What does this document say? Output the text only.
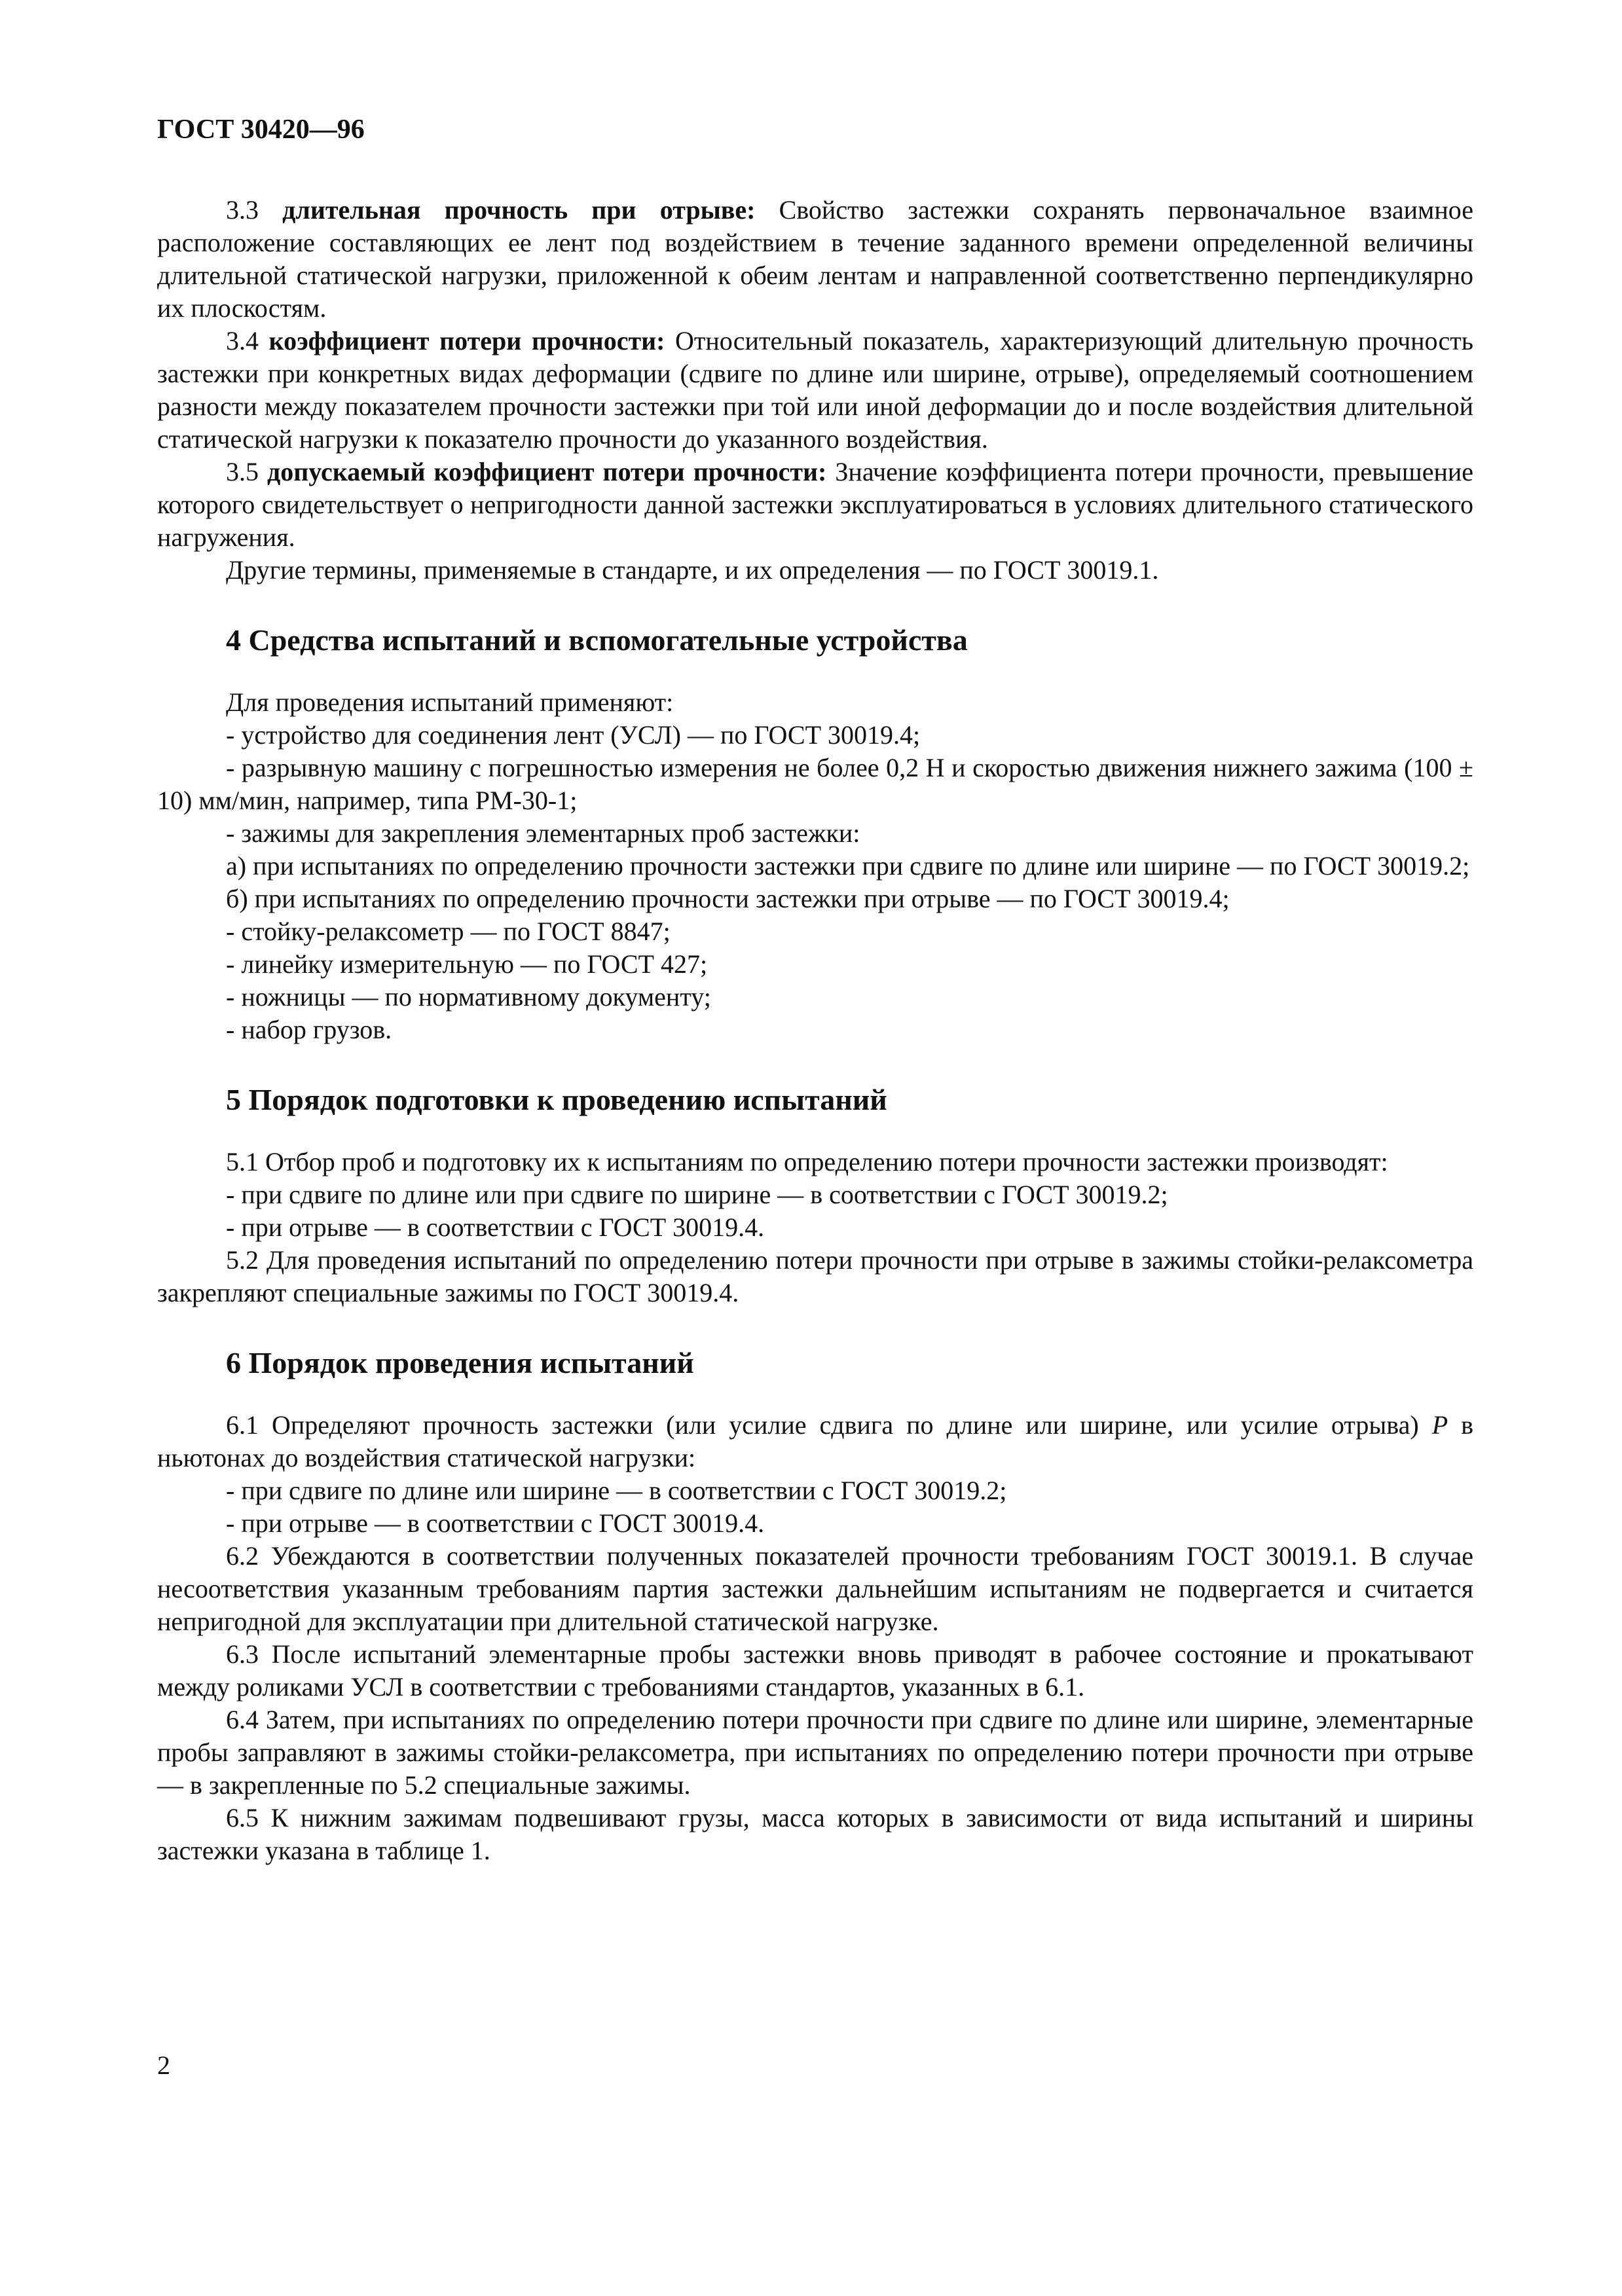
ГОСТ 30420—96

3.3 длительная прочность при отрыве: Свойство застежки сохранять первоначальное взаимное расположение составляющих ее лент под воздействием в течение заданного времени определенной величины длительной статической нагрузки, приложенной к обеим лентам и направленной соответственно перпендикулярно их плоскостям.

3.4 коэффициент потери прочности: Относительный показатель, характеризующий длительную прочность застежки при конкретных видах деформации (сдвиге по длине или ширине, отрыве), определяемый соотношением разности между показателем прочности застежки при той или иной деформации до и после воздействия длительной статической нагрузки к показателю прочности до указанного воздействия.

3.5 допускаемый коэффициент потери прочности: Значение коэффициента потери прочности, превышение которого свидетельствует о непригодности данной застежки эксплуатироваться в условиях длительного статического нагружения.

Другие термины, применяемые в стандарте, и их определения — по ГОСТ 30019.1.

4 Средства испытаний и вспомогательные устройства

Для проведения испытаний применяют:

- устройство для соединения лент (УСЛ) — по ГОСТ 30019.4;

- разрывную машину с погрешностью измерения не более 0,2 Н и скоростью движения нижнего зажима (100 ± 10) мм/мин, например, типа РМ-30-1;

- зажимы для закрепления элементарных проб застежки:

а) при испытаниях по определению прочности застежки при сдвиге по длине или ширине — по ГОСТ 30019.2;

б) при испытаниях по определению прочности застежки при отрыве — по ГОСТ 30019.4;

- стойку-релаксометр — по ГОСТ 8847;

- линейку измерительную — по ГОСТ 427;

- ножницы — по нормативному документу;

- набор грузов.

5 Порядок подготовки к проведению испытаний

5.1 Отбор проб и подготовку их к испытаниям по определению потери прочности застежки производят:

- при сдвиге по длине или при сдвиге по ширине — в соответствии с ГОСТ 30019.2;

- при отрыве — в соответствии с ГОСТ 30019.4.

5.2 Для проведения испытаний по определению потери прочности при отрыве в зажимы стойки-релаксометра закрепляют специальные зажимы по ГОСТ 30019.4.

6 Порядок проведения испытаний

6.1 Определяют прочность застежки (или усилие сдвига по длине или ширине, или усилие отрыва) P в ньютонах до воздействия статической нагрузки:

- при сдвиге по длине или ширине — в соответствии с ГОСТ 30019.2;

- при отрыве — в соответствии с ГОСТ 30019.4.

6.2 Убеждаются в соответствии полученных показателей прочности требованиям ГОСТ 30019.1. В случае несоответствия указанным требованиям партия застежки дальнейшим испытаниям не подвергается и считается непригодной для эксплуатации при длительной статической нагрузке.

6.3 После испытаний элементарные пробы застежки вновь приводят в рабочее состояние и прокатывают между роликами УСЛ в соответствии с требованиями стандартов, указанных в 6.1.

6.4 Затем, при испытаниях по определению потери прочности при сдвиге по длине или ширине, элементарные пробы заправляют в зажимы стойки-релаксометра, при испытаниях по определению потери прочности при отрыве — в закрепленные по 5.2 специальные зажимы.

6.5 К нижним зажимам подвешивают грузы, масса которых в зависимости от вида испытаний и ширины застежки указана в таблице 1.

2
